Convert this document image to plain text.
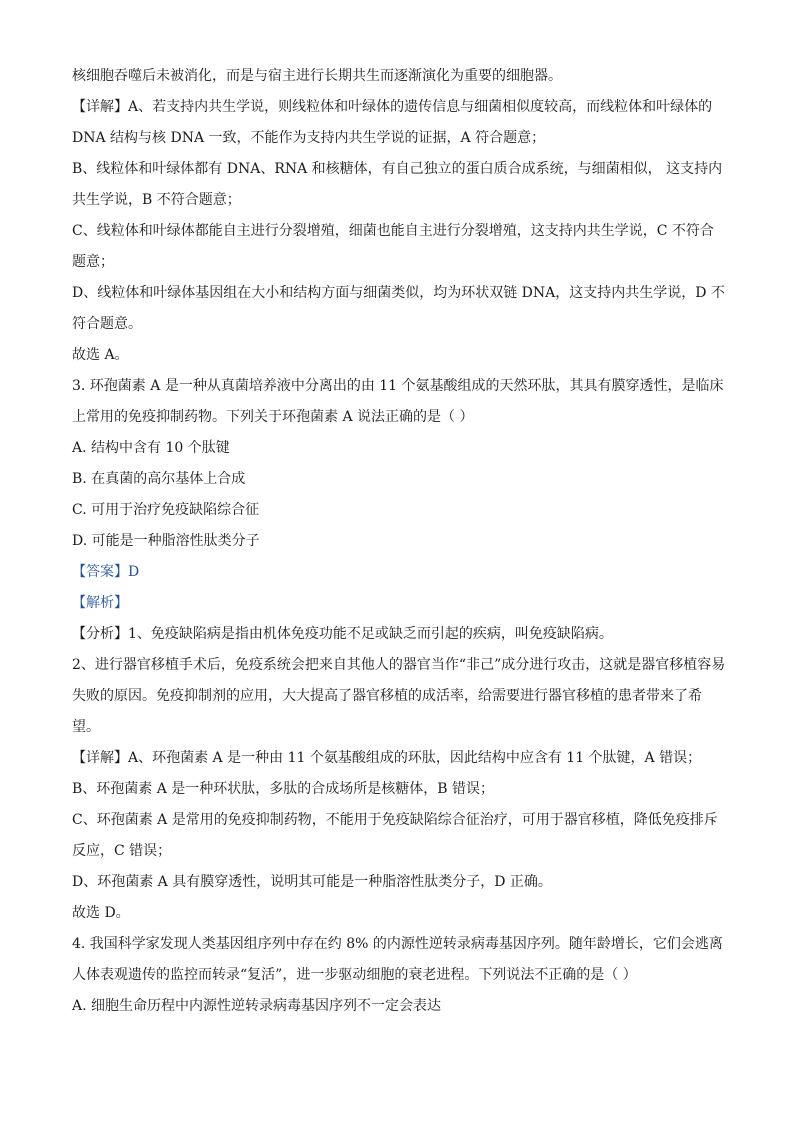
核细胞吞噬后未被消化，而是与宿主进行长期共生而逐渐演化为重要的细胞器。
【详解】A、若支持内共生学说，则线粒体和叶绿体的遗传信息与细菌相似度较高，而线粒体和叶绿体的
DNA 结构与核 DNA 一致，不能作为支持内共生学说的证据，A 符合题意；
B、线粒体和叶绿体都有 DNA、RNA 和核糖体，有自己独立的蛋白质合成系统，与细菌相似， 这支持内
共生学说，B 不符合题意；
C、线粒体和叶绿体都能自主进行分裂增殖，细菌也能自主进行分裂增殖，这支持内共生学说，C 不符合
题意；
D、线粒体和叶绿体基因组在大小和结构方面与细菌类似，均为环状双链 DNA，这支持内共生学说，D 不
符合题意。
故选 A。
3. 环孢菌素 A 是一种从真菌培养液中分离出的由 11 个氨基酸组成的天然环肽，其具有膜穿透性，是临床
上常用的免疫抑制药物。下列关于环孢菌素 A 说法正确的是（ ）
A. 结构中含有 10 个肽键
B. 在真菌的高尔基体上合成
C. 可用于治疗免疫缺陷综合征
D. 可能是一种脂溶性肽类分子
【答案】D
【解析】
【分析】1、免疫缺陷病是指由机体免疫功能不足或缺乏而引起的疾病，叫免疫缺陷病。
2、进行器官移植手术后，免疫系统会把来自其他人的器官当作“非己”成分进行攻击，这就是器官移植容易
失败的原因。免疫抑制剂的应用，大大提高了器官移植的成活率，给需要进行器官移植的患者带来了希
望。
【详解】A、环孢菌素 A 是一种由 11 个氨基酸组成的环肽，因此结构中应含有 11 个肽键，A 错误；
B、环孢菌素 A 是一种环状肽，多肽的合成场所是核糖体，B 错误；
C、环孢菌素 A 是常用的免疫抑制药物，不能用于免疫缺陷综合征治疗，可用于器官移植，降低免疫排斥
反应，C 错误；
D、环孢菌素 A 具有膜穿透性，说明其可能是一种脂溶性肽类分子，D 正确。
故选 D。
4. 我国科学家发现人类基因组序列中存在约 8% 的内源性逆转录病毒基因序列。随年龄增长，它们会逃离
人体表观遗传的监控而转录“复活”，进一步驱动细胞的衰老进程。下列说法不正确的是（ ）
A. 细胞生命历程中内源性逆转录病毒基因序列不一定会表达
